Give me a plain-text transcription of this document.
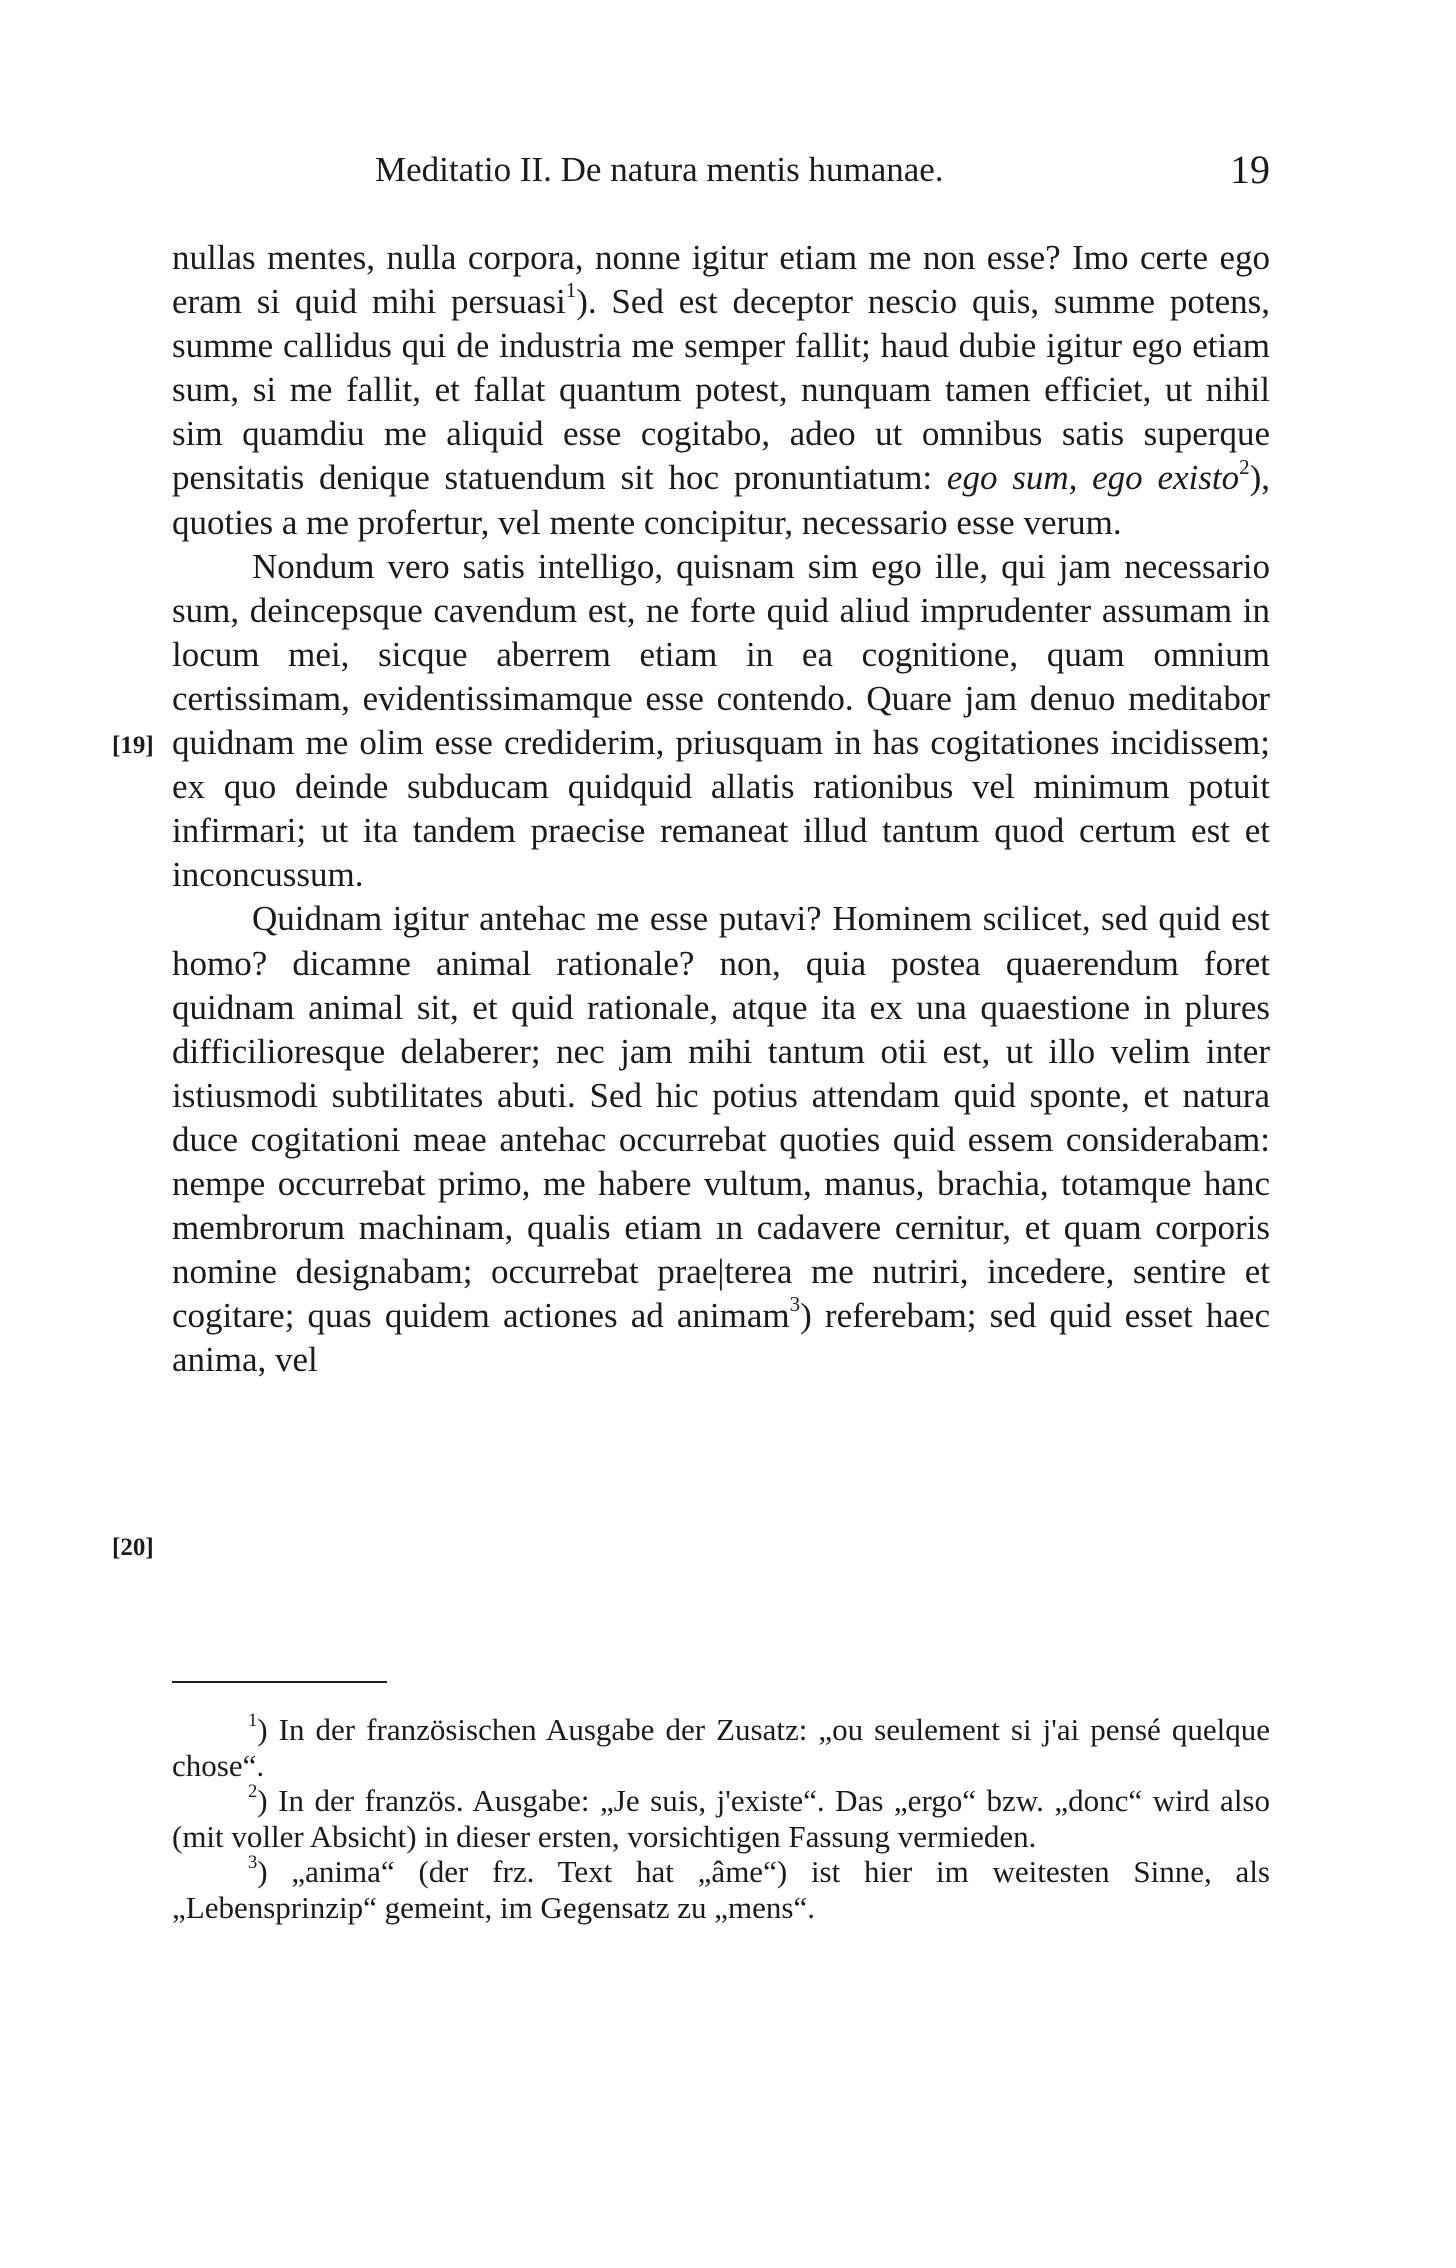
Meditatio II. De natura mentis humanae.	19
[19]
[20]

nullas mentes, nulla corpora, nonne igitur etiam me non esse? Imo certe ego eram si quid mihi persuasi$^1$). Sed est deceptor nescio quis, summe potens, summe callidus qui de industria me semper fallit; haud dubie igitur ego etiam sum, si me fallit, et fallat quantum potest, nunquam tamen efficiet, ut nihil sim quamdiu me aliquid esse cogitabo, adeo ut omnibus satis superque pensitatis denique statuendum sit hoc pronuntiatum: ego sum, ego existo$^2$), quoties a me profertur, vel mente concipitur, necessario esse verum.

Nondum vero satis intelligo, quisnam sim ego ille, qui jam necessario sum, deincepsque cavendum est, ne forte quid aliud imprudenter assumam in locum mei, sicque aberrem etiam in ea cognitione, quam omnium certissimam, evidentissimamque esse contendo. Quare jam denuo meditabor quidnam me olim esse crediderim, priusquam in has cogitationes incidissem; ex quo deinde subducam quidquid allatis rationibus vel minimum potuit infirmari; ut ita tandem praecise remaneat illud tantum quod certum est et inconcussum.

Quidnam igitur antehac me esse putavi? Hominem scilicet, sed quid est homo? dicamne animal rationale? non, quia postea quaerendum foret quidnam animal sit, et quid rationale, atque ita ex una quaestione in plures difficilioresque delaberer; nec jam mihi tantum otii est, ut illo velim inter istiusmodi subtilitates abuti. Sed hic potius attendam quid sponte, et natura duce cogitationi meae antehac occurrebat quoties quid essem considerabam: nempe occurrebat primo, me habere vultum, manus, brachia, totamque hanc membrorum machinam, qualis etiam ın cadavere cernitur, et quam corporis nomine designabam; occurrebat prae|terea me nutriri, incedere, sentire et cogitare; quas quidem actiones ad animam$^3$) referebam; sed quid esset haec anima, vel

$^1$) In der französischen Ausgabe der Zusatz: „ou seulement si j'ai pensé quelque chose“.

$^2$) In der französ. Ausgabe: „Je suis, j'existe“. Das „ergo“ bzw. „donc“ wird also (mit voller Absicht) in dieser ersten, vorsichtigen Fassung vermieden.

$^3$) „anima“ (der frz. Text hat „âme“) ist hier im weitesten Sinne, als „Lebensprinzip“ gemeint, im Gegensatz zu „mens“.
